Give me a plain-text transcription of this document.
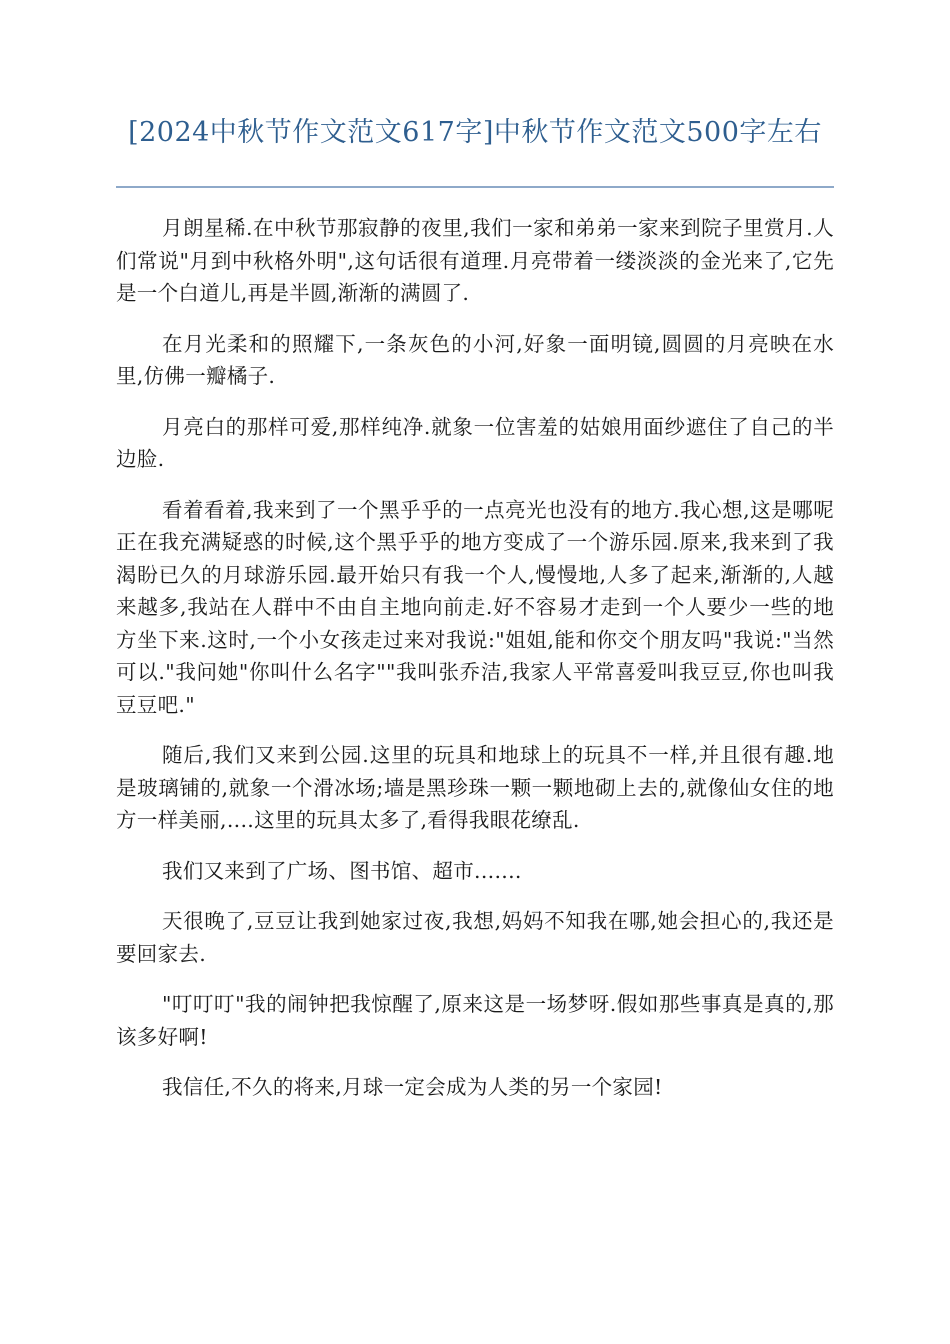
[2024中秋节作文范文617字]中秋节作文范文500字左右

月朗星稀.在中秋节那寂静的夜里,我们一家和弟弟一家来到院子里赏月.人们常说"月到中秋格外明",这句话很有道理.月亮带着一缕淡淡的金光来了,它先是一个白道儿,再是半圆,渐渐的满圆了.

在月光柔和的照耀下,一条灰色的小河,好象一面明镜,圆圆的月亮映在水里,仿佛一瓣橘子.

月亮白的那样可爱,那样纯净.就象一位害羞的姑娘用面纱遮住了自己的半边脸.

看着看着,我来到了一个黑乎乎的一点亮光也没有的地方.我心想,这是哪呢正在我充满疑惑的时候,这个黑乎乎的地方变成了一个游乐园.原来,我来到了我渴盼已久的月球游乐园.最开始只有我一个人,慢慢地,人多了起来,渐渐的,人越来越多,我站在人群中不由自主地向前走.好不容易才走到一个人要少一些的地方坐下来.这时,一个小女孩走过来对我说:"姐姐,能和你交个朋友吗"我说:"当然可以."我问她"你叫什么名字""我叫张乔洁,我家人平常喜爱叫我豆豆,你也叫我豆豆吧."

随后,我们又来到公园.这里的玩具和地球上的玩具不一样,并且很有趣.地是玻璃铺的,就象一个滑冰场;墙是黑珍珠一颗一颗地砌上去的,就像仙女住的地方一样美丽,....这里的玩具太多了,看得我眼花缭乱.

我们又来到了广场、图书馆、超市.......

天很晚了,豆豆让我到她家过夜,我想,妈妈不知我在哪,她会担心的,我还是要回家去.

"叮叮叮"我的闹钟把我惊醒了,原来这是一场梦呀.假如那些事真是真的,那该多好啊!

我信任,不久的将来,月球一定会成为人类的另一个家园!
